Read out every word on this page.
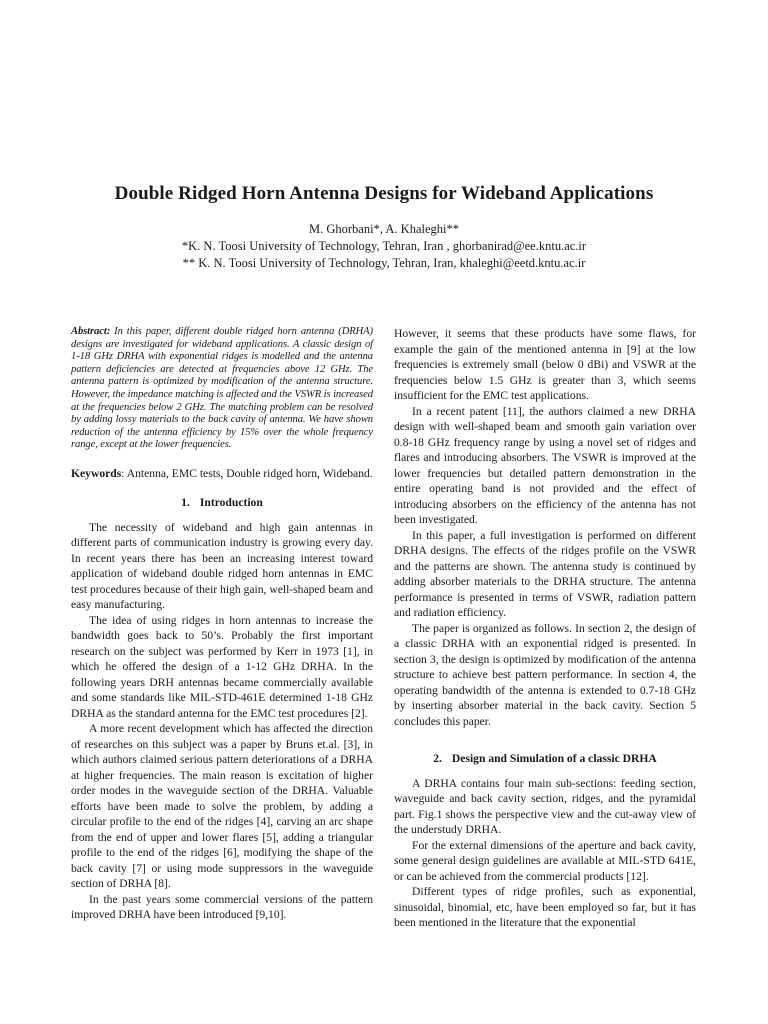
Double Ridged Horn Antenna Designs for Wideband Applications
M. Ghorbani*, A. Khaleghi**
*K. N. Toosi University of Technology, Tehran, Iran , ghorbanirad@ee.kntu.ac.ir
** K. N. Toosi University of Technology, Tehran, Iran, khaleghi@eetd.kntu.ac.ir

Abstract: In this paper, different double ridged horn antenna (DRHA) designs are investigated for wideband applications. A classic design of 1-18 GHz DRHA with exponential ridges is modelled and the antenna pattern deficiencies are detected at frequencies above 12 GHz. The antenna pattern is optimized by modification of the antenna structure. However, the impedance matching is affected and the VSWR is increased at the frequencies below 2 GHz. The matching problem can be resolved by adding lossy materials to the back cavity of antenna. We have shown reduction of the antenna efficiency by 15% over the whole frequency range, except at the lower frequencies.

Keywords: Antenna, EMC tests, Double ridged horn, Wideband.

1. Introduction

The necessity of wideband and high gain antennas in different parts of communication industry is growing every day. In recent years there has been an increasing interest toward application of wideband double ridged horn antennas in EMC test procedures because of their high gain, well-shaped beam and easy manufacturing.

The idea of using ridges in horn antennas to increase the bandwidth goes back to 50’s. Probably the first important research on the subject was performed by Kerr in 1973 [1], in which he offered the design of a 1-12 GHz DRHA. In the following years DRH antennas became commercially available and some standards like MIL-STD-461E determined 1-18 GHz DRHA as the standard antenna for the EMC test procedures [2].

A more recent development which has affected the direction of researches on this subject was a paper by Bruns et.al. [3], in which authors claimed serious pattern deteriorations of a DRHA at higher frequencies. The main reason is excitation of higher order modes in the waveguide section of the DRHA. Valuable efforts have been made to solve the problem, by adding a circular profile to the end of the ridges [4], carving an arc shape from the end of upper and lower flares [5], adding a triangular profile to the end of the ridges [6], modifying the shape of the back cavity [7] or using mode suppressors in the waveguide section of DRHA [8].

In the past years some commercial versions of the pattern improved DRHA have been introduced [9,10].

However, it seems that these products have some flaws, for example the gain of the mentioned antenna in [9] at the low frequencies is extremely small (below 0 dBi) and VSWR at the frequencies below 1.5 GHz is greater than 3, which seems insufficient for the EMC test applications.

In a recent patent [11], the authors claimed a new DRHA design with well-shaped beam and smooth gain variation over 0.8-18 GHz frequency range by using a novel set of ridges and flares and introducing absorbers. The VSWR is improved at the lower frequencies but detailed pattern demonstration in the entire operating band is not provided and the effect of introducing absorbers on the efficiency of the antenna has not been investigated.

In this paper, a full investigation is performed on different DRHA designs. The effects of the ridges profile on the VSWR and the patterns are shown. The antenna study is continued by adding absorber materials to the DRHA structure. The antenna performance is presented in terms of VSWR, radiation pattern and radiation efficiency.

The paper is organized as follows. In section 2, the design of a classic DRHA with an exponential ridged is presented. In section 3, the design is optimized by modification of the antenna structure to achieve best pattern performance. In section 4, the operating bandwidth of the antenna is extended to 0.7-18 GHz by inserting absorber material in the back cavity. Section 5 concludes this paper.

2. Design and Simulation of a classic DRHA

A DRHA contains four main sub-sections: feeding section, waveguide and back cavity section, ridges, and the pyramidal part. Fig.1 shows the perspective view and the cut-away view of the understudy DRHA.

For the external dimensions of the aperture and back cavity, some general design guidelines are available at MIL-STD 641E, or can be achieved from the commercial products [12].

Different types of ridge profiles, such as exponential, sinusoidal, binomial, etc, have been employed so far, but it has been mentioned in the literature that the exponential
